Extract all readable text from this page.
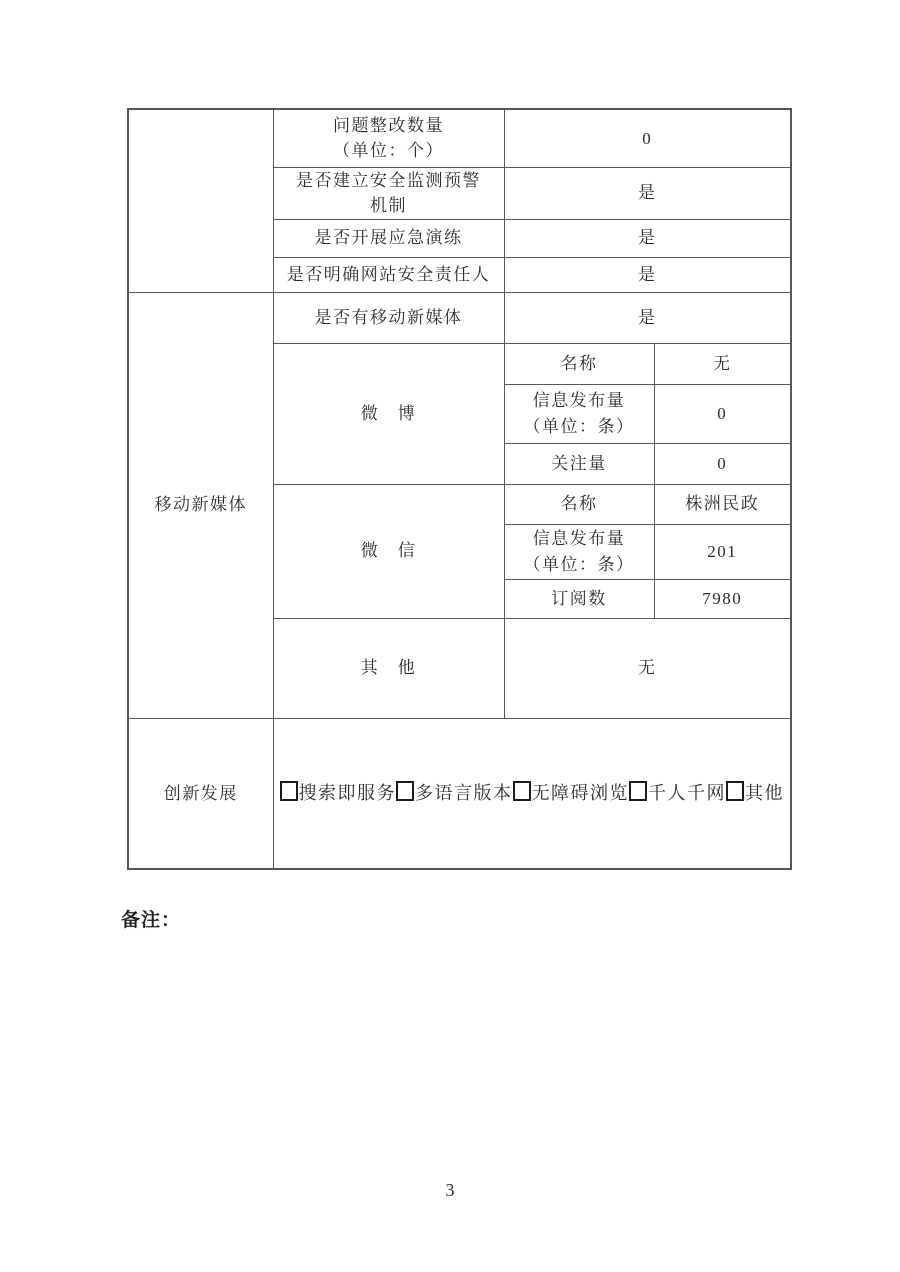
	问题整改数量
（单位：个）	0	

	是否建立安全监测预警
机制	是	
	是否开展应急演练	是	
	是否明确网站安全责任人	是	
移动新媒体	是否有移动新媒体	是	
	微　博	名称	无

		信息发布量
（单位：条）	0
		关注量	0
	微　信	名称	株洲民政

		信息发布量
（单位：条）	201
		订阅数	7980
	其　他	无	
创新发展	搜索即服务 多语言版本 无障碍浏览 千人千网 其他		
备注：
3
